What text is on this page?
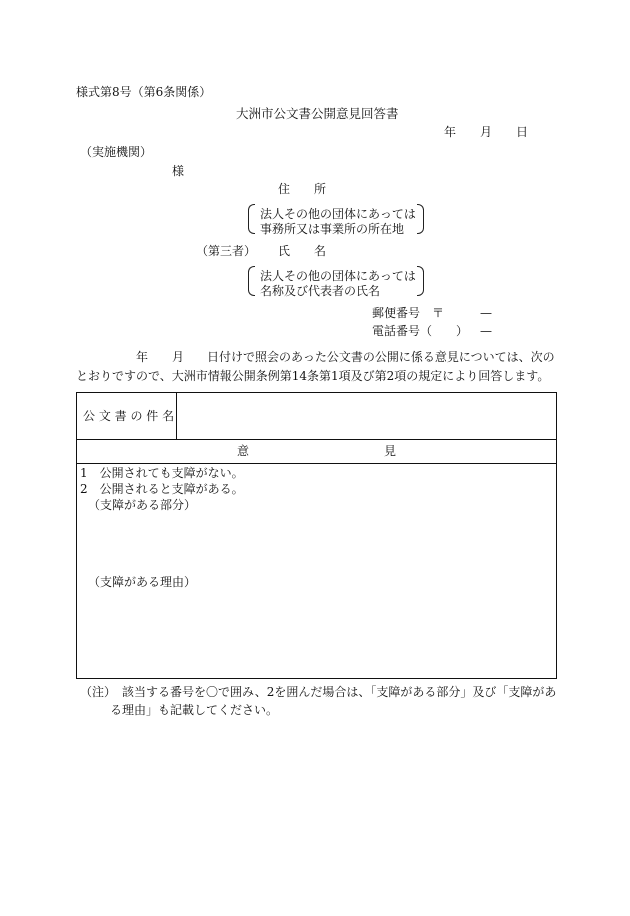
様式第8号（第6条関係）
大洲市公文書公開意見回答書
年 月 日
（実施機関）
様
住　　所
法人その他の団体にあっては
事務所又は事業所の所在地
（第三者） 氏　　名
法人その他の団体にあっては
名称及び代表者の氏名
郵便番号 〒	—
電話番号（　　） —
年 月 日付けで照会のあった公文書の公開に係る意見については、次の
とおりですので、大洲市情報公開条例第14条第1項及び第2項の規定により回答します。
公 文 書 の 件 名
意	見
1　公開されても支障がない。
2　公開されると支障がある。
（支障がある部分）
（支障がある理由）
（注）　該当する番号を〇で囲み、2を囲んだ場合は、「支障がある部分」及び「支障があ
る理由」も記載してください。
